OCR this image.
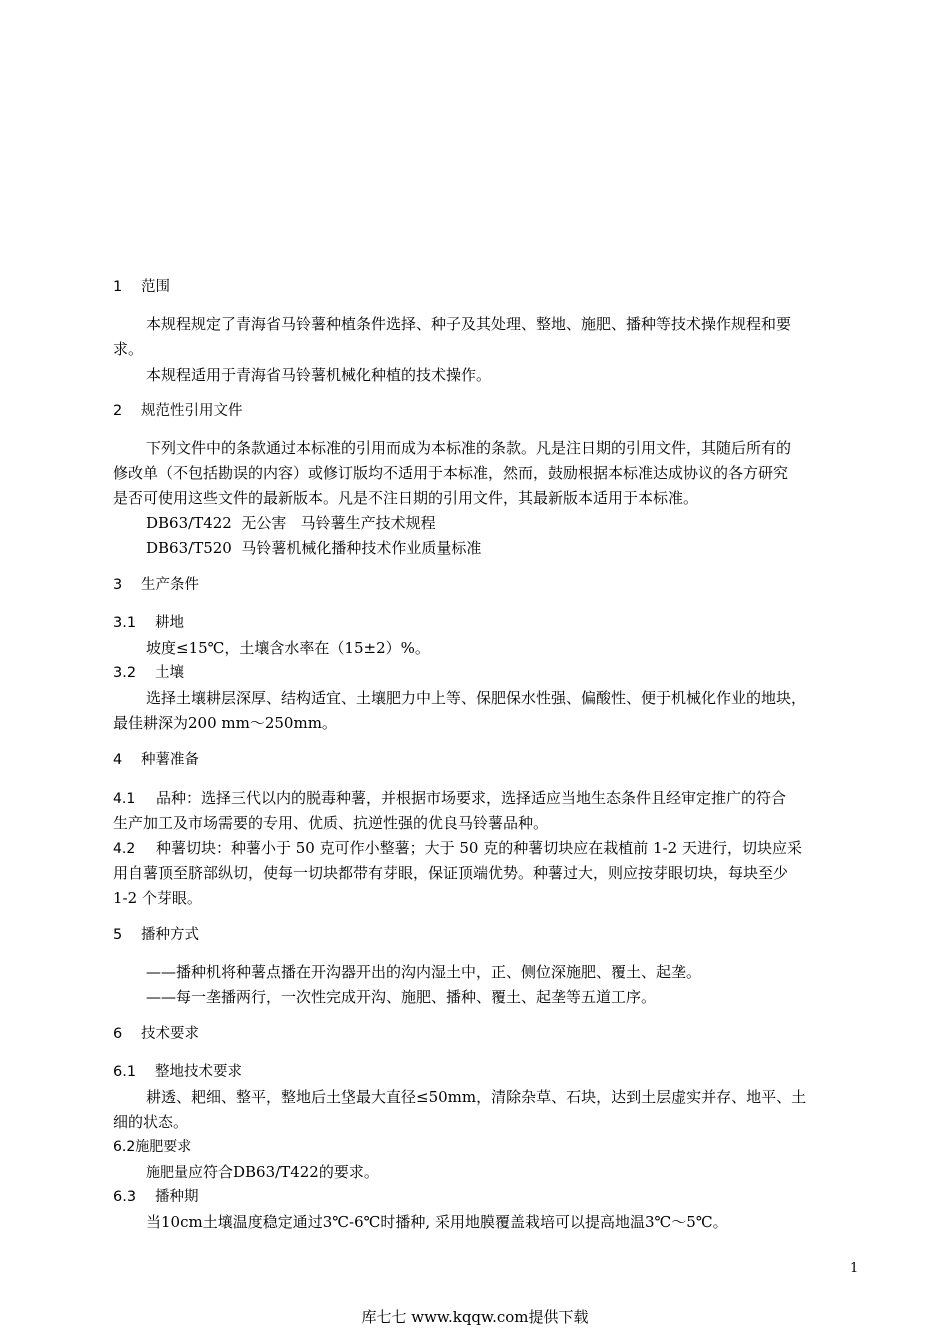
1 范围
本规程规定了青海省马铃薯种植条件选择、种子及其处理、整地、施肥、播种等技术操作规程和要
求。
本规程适用于青海省马铃薯机械化种植的技术操作。
2 规范性引用文件
下列文件中的条款通过本标准的引用而成为本标准的条款。凡是注日期的引用文件，其随后所有的
修改单（不包括勘误的内容）或修订版均不适用于本标准，然而，鼓励根据本标准达成协议的各方研究
是否可使用这些文件的最新版本。凡是不注日期的引用文件，其最新版本适用于本标准。
DB63/T422  无公害   马铃薯生产技术规程
DB63/T520  马铃薯机械化播种技术作业质量标准
3 生产条件
3.1 耕地
坡度≤15℃，土壤含水率在（15±2）%。
3.2 土壤
选择土壤耕层深厚、结构适宜、土壤肥力中上等、保肥保水性强、偏酸性、便于机械化作业的地块，
最佳耕深为200 mm～250mm。
4 种薯准备
4.1 品种：选择三代以内的脱毒种薯，并根据市场要求，选择适应当地生态条件且经审定推广的符合
生产加工及市场需要的专用、优质、抗逆性强的优良马铃薯品种。
4.2 种薯切块：种薯小于 50 克可作小整薯；大于 50 克的种薯切块应在栽植前 1-2 天进行，切块应采
用自薯顶至脐部纵切，使每一切块都带有芽眼，保证顶端优势。种薯过大，则应按芽眼切块，每块至少
1-2 个芽眼。
5 播种方式
——播种机将种薯点播在开沟器开出的沟内湿土中，正、侧位深施肥、覆土、起垄。
——每一垄播两行，一次性完成开沟、施肥、播种、覆土、起垄等五道工序。
6 技术要求
6.1 整地技术要求
耕透、耙细、整平，整地后土垡最大直径≤50mm，清除杂草、石块，达到土层虚实并存、地平、土
细的状态。
6.2施肥要求
施肥量应符合DB63/T422的要求。
6.3 播种期
当10cm土壤温度稳定通过3℃-6℃时播种, 采用地膜覆盖栽培可以提高地温3℃～5℃。
1
库七七 www.kqqw.com提供下载
